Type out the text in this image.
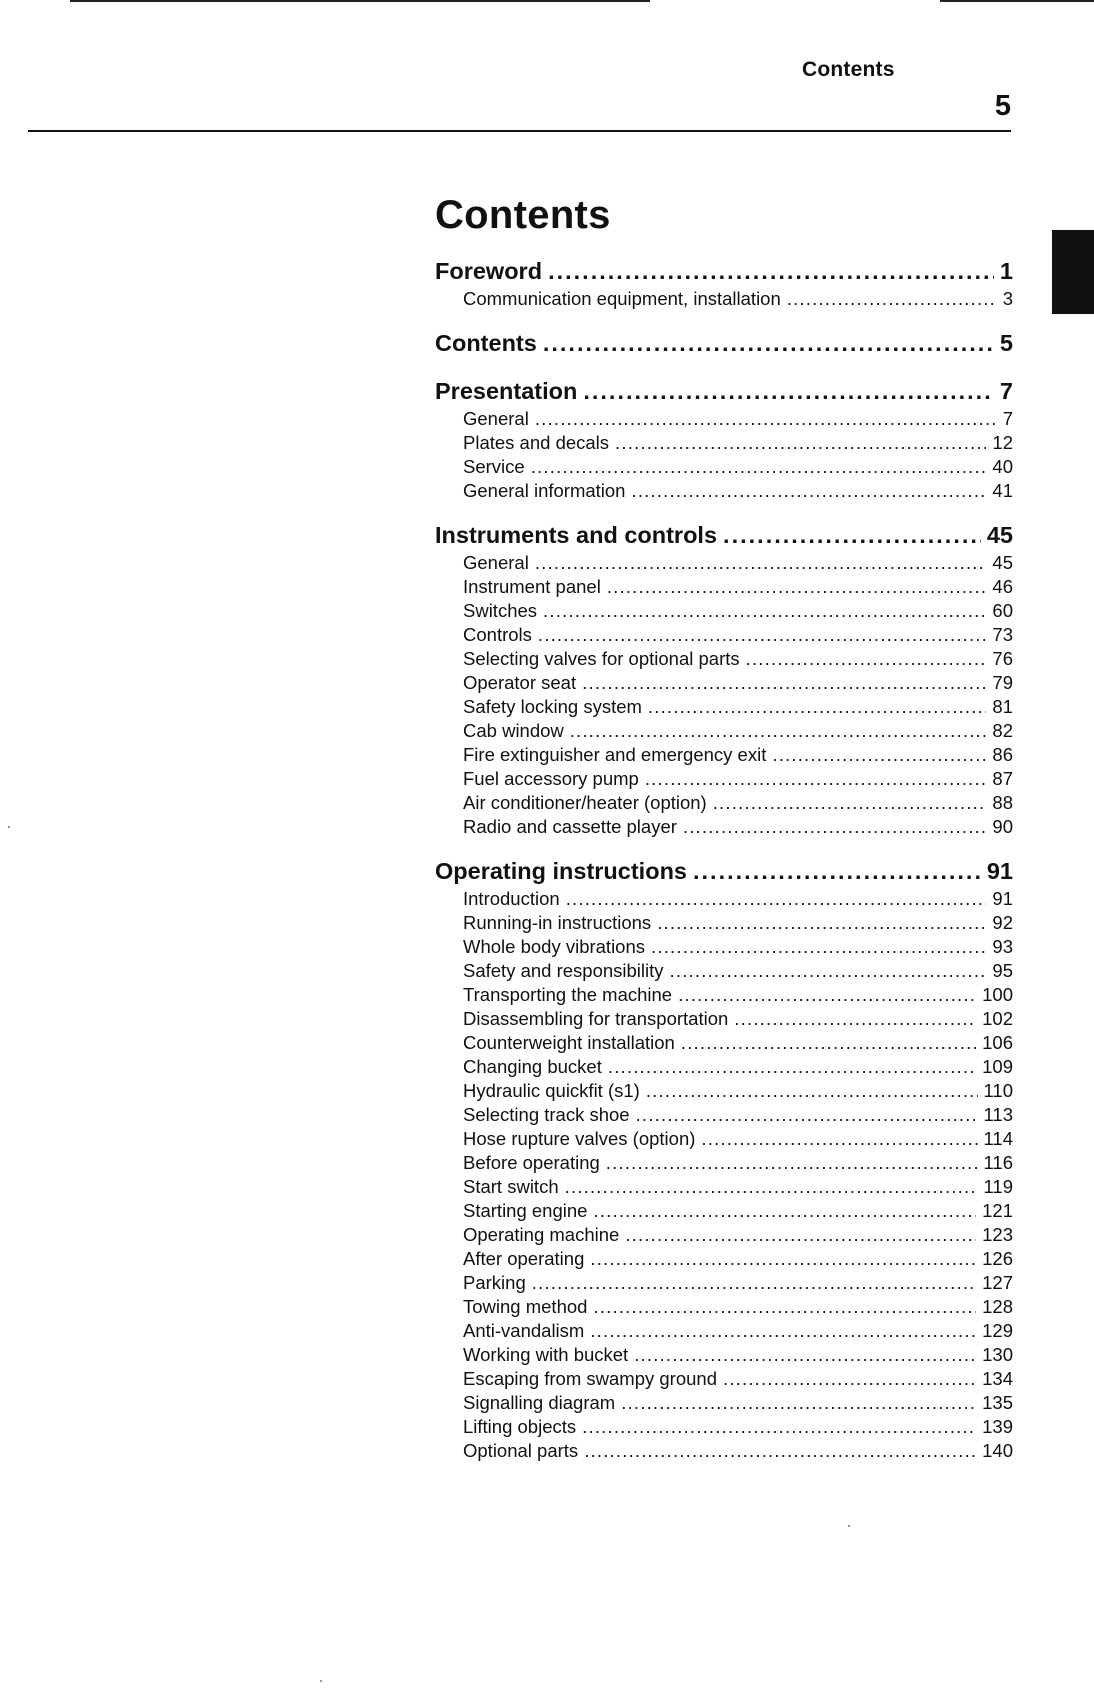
Contents
5
Contents
Foreword .....	1
Communication equipment, installation .....	3
Contents .....	5
Presentation .....	7
General .....	7
Plates and decals .....	12
Service .....	40
General information .....	41
Instruments and controls .....	45
General .....	45
Instrument panel .....	46
Switches .....	60
Controls .....	73
Selecting valves for optional parts .....	76
Operator seat .....	79
Safety locking system .....	81
Cab window .....	82
Fire extinguisher and emergency exit .....	86
Fuel accessory pump .....	87
Air conditioner/heater (option) .....	88
Radio and cassette player .....	90
Operating instructions .....	91
Introduction .....	91
Running-in instructions .....	92
Whole body vibrations .....	93
Safety and responsibility .....	95
Transporting the machine .....	100
Disassembling for transportation .....	102
Counterweight installation .....	106
Changing bucket .....	109
Hydraulic quickfit (s1) .....	110
Selecting track shoe .....	113
Hose rupture valves (option) .....	114
Before operating .....	116
Start switch .....	119
Starting engine .....	121
Operating machine .....	123
After operating .....	126
Parking .....	127
Towing method .....	128
Anti-vandalism .....	129
Working with bucket .....	130
Escaping from swampy ground .....	134
Signalling diagram .....	135
Lifting objects .....	139
Optional parts .....	140
